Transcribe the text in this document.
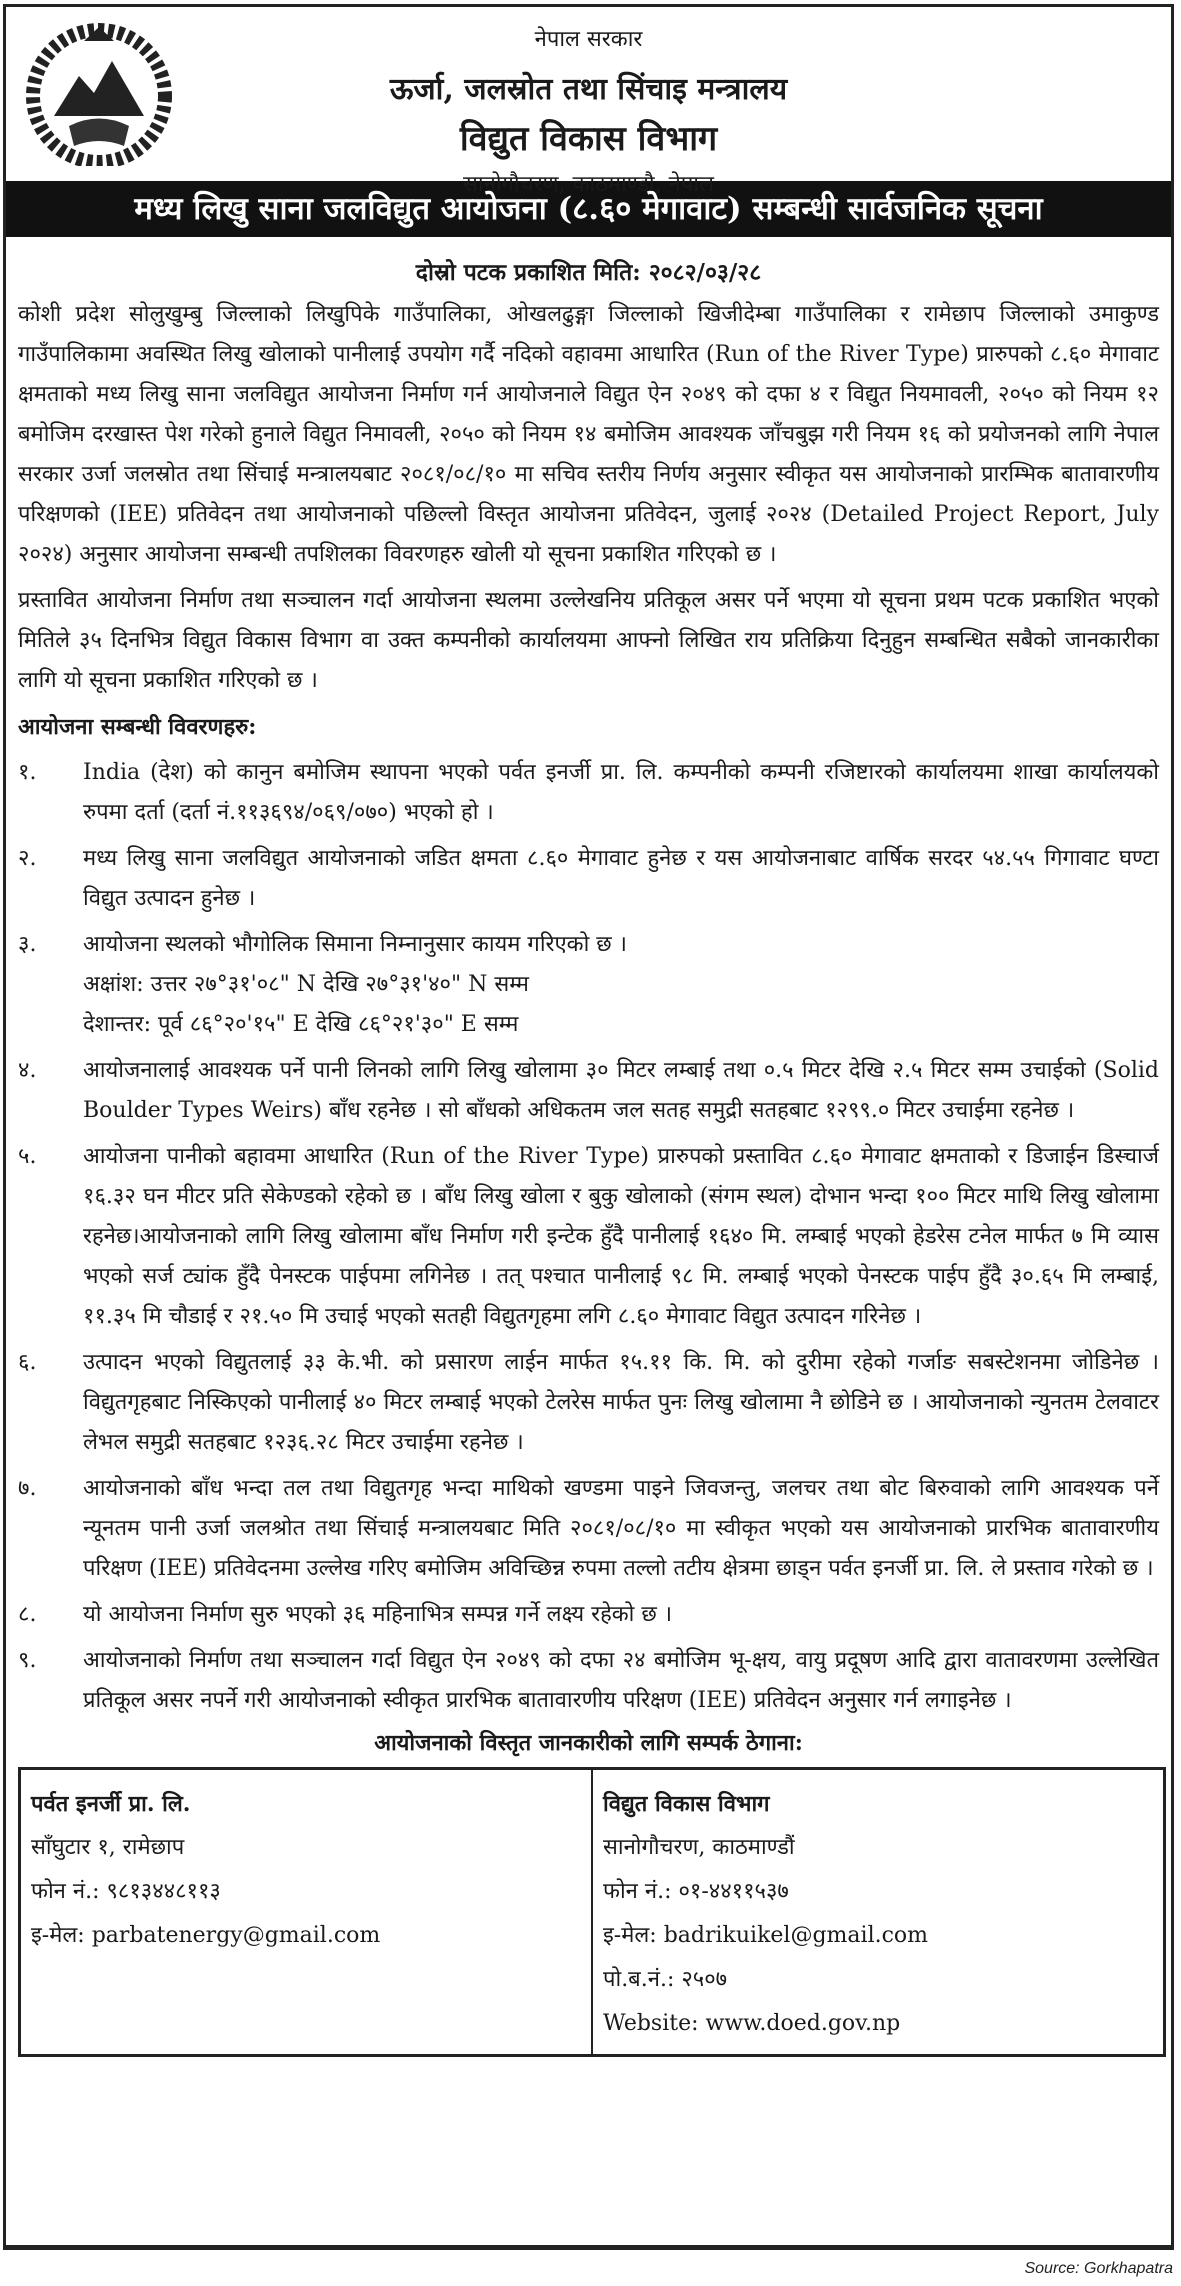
नेपाल सरकार
ऊर्जा, जलस्रोत तथा सिंचाइ मन्त्रालय
विद्युत विकास विभाग
सानोगौचरण, काठमाण्डौ, नेपाल
मध्य लिखु साना जलविद्युत आयोजना (८.६० मेगावाट) सम्बन्धी सार्वजनिक सूचना
दोस्रो पटक प्रकाशित मिति: २०८२/०३/२८

कोशी प्रदेश सोलुखुम्बु जिल्लाको लिखुपिके गाउँपालिका, ओखलढुङ्गा जिल्लाको खिजीदेम्बा गाउँपालिका र रामेछाप जिल्लाको उमाकुण्ड गाउँपालिकामा अवस्थित लिखु खोलाको पानीलाई उपयोग गर्दै नदिको वहावमा आधारित (Run of the River Type) प्रारुपको ८.६० मेगावाट क्षमताको मध्य लिखु साना जलविद्युत आयोजना निर्माण गर्न आयोजनाले विद्युत ऐन २०४९ को दफा ४ र विद्युत नियमावली, २०५० को नियम १२ बमोजिम दरखास्त पेश गरेको हुनाले विद्युत निमावली, २०५० को नियम १४ बमोजिम आवश्यक जाँचबुझ गरी नियम १६ को प्रयोजनको लागि नेपाल सरकार उर्जा जलस्रोत तथा सिंचाई मन्त्रालयबाट २०८१/०८/१० मा सचिव स्तरीय निर्णय अनुसार स्वीकृत यस आयोजनाको प्रारम्भिक बातावारणीय परिक्षणको (IEE) प्रतिवेदन तथा आयोजनाको पछिल्लो विस्तृत आयोजना प्रतिवेदन, जुलाई २०२४ (Detailed Project Report, July २०२४) अनुसार आयोजना सम्बन्धी तपशिलका विवरणहरु खोली यो सूचना प्रकाशित गरिएको छ ।

प्रस्तावित आयोजना निर्माण तथा सञ्चालन गर्दा आयोजना स्थलमा उल्लेखनिय प्रतिकूल असर पर्ने भएमा यो सूचना प्रथम पटक प्रकाशित भएको मितिले ३५ दिनभित्र विद्युत विकास विभाग वा उक्त कम्पनीको कार्यालयमा आफ्नो लिखित राय प्रतिक्रिया दिनुहुन सम्बन्धित सबैको जानकारीका लागि यो सूचना प्रकाशित गरिएको छ ।

आयोजना सम्बन्धी विवरणहरु:
१.	India (देश) को कानुन बमोजिम स्थापना भएको पर्वत इनर्जी प्रा. लि. कम्पनीको कम्पनी रजिष्टारको कार्यालयमा शाखा कार्यालयको रुपमा दर्ता (दर्ता नं.११३६९४/०६९/०७०) भएको हो ।
२.	मध्य लिखु साना जलविद्युत आयोजनाको जडित क्षमता ८.६० मेगावाट हुनेछ र यस आयोजनाबाट वार्षिक सरदर ५४.५५ गिगावाट घण्टा विद्युत उत्पादन हुनेछ ।
३.	आयोजना स्थलको भौगोलिक सिमाना निम्नानुसार कायम गरिएको छ ।
अक्षांश: उत्तर २७°३१'०८" N देखि २७°३१'४०" N सम्म
देशान्तर: पूर्व ८६°२०'१५" E देखि ८६°२१'३०" E सम्म
४.	आयोजनालाई आवश्यक पर्ने पानी लिनको लागि लिखु खोलामा ३० मिटर लम्बाई तथा ०.५ मिटर देखि २.५ मिटर सम्म उचाईको (Solid Boulder Types Weirs) बाँध रहनेछ । सो बाँधको अधिकतम जल सतह समुद्री सतहबाट १२९९.० मिटर उचाईमा रहनेछ ।
५.	आयोजना पानीको बहावमा आधारित (Run of the River Type) प्रारुपको प्रस्तावित ८.६० मेगावाट क्षमताको र डिजाईन डिस्चार्ज १६.३२ घन मीटर प्रति सेकेण्डको रहेको छ । बाँध लिखु खोला र बुकु खोलाको (संगम स्थल) दोभान भन्दा १०० मिटर माथि लिखु खोलामा रहनेछ।आयोजनाको लागि लिखु खोलामा बाँध निर्माण गरी इन्टेक हुँदै पानीलाई १६४० मि. लम्बाई भएको हेडरेस टनेल मार्फत ७ मि व्यास भएको सर्ज ट्यांक हुँदै पेनस्टक पाईपमा लगिनेछ । तत् पश्चात पानीलाई ९८ मि. लम्बाई भएको पेनस्टक पाईप हुँदै ३०.६५ मि लम्बाई, ११.३५ मि चौडाई र २१.५० मि उचाई भएको सतही विद्युतगृहमा लगि ८.६० मेगावाट विद्युत उत्पादन गरिनेछ ।
६.	उत्पादन भएको विद्युतलाई ३३ के.भी. को प्रसारण लाईन मार्फत १५.११ कि. मि. को दुरीमा रहेको गर्जाङ सबस्टेशनमा जोडिनेछ । विद्युतगृहबाट निस्किएको पानीलाई ४० मिटर लम्बाई भएको टेलरेस मार्फत पुनः लिखु खोलामा नै छोडिने छ । आयोजनाको न्युनतम टेलवाटर लेभल समुद्री सतहबाट १२३६.२८ मिटर उचाईमा रहनेछ ।
७.	आयोजनाको बाँध भन्दा तल तथा विद्युतगृह भन्दा माथिको खण्डमा पाइने जिवजन्तु, जलचर तथा बोट बिरुवाको लागि आवश्यक पर्ने न्यूनतम पानी उर्जा जलश्रोत तथा सिंचाई मन्त्रालयबाट मिति २०८१/०८/१० मा स्वीकृत भएको यस आयोजनाको प्रारभिक बातावारणीय परिक्षण (IEE) प्रतिवेदनमा उल्लेख गरिए बमोजिम अविच्छिन्न रुपमा तल्लो तटीय क्षेत्रमा छाड्न पर्वत इनर्जी प्रा. लि. ले प्रस्ताव गरेको छ ।
८.	यो आयोजना निर्माण सुरु भएको ३६ महिनाभित्र सम्पन्न गर्ने लक्ष्य रहेको छ ।
९.	आयोजनाको निर्माण तथा सञ्चालन गर्दा विद्युत ऐन २०४९ को दफा २४ बमोजिम भू-क्षय, वायु प्रदूषण आदि द्वारा वातावरणमा उल्लेखित प्रतिकूल असर नपर्ने गरी आयोजनाको स्वीकृत प्रारभिक बातावारणीय परिक्षण (IEE) प्रतिवेदन अनुसार गर्न लगाइनेछ ।
आयोजनाको विस्तृत जानकारीको लागि सम्पर्क ठेगाना:
पर्वत इनर्जी प्रा. लि.
साँघुटार १, रामेछाप
फोन नं.: ९८१३४४८११३
इ-मेल: parbatenergy@gmail.com

विद्युत विकास विभाग
सानोगौचरण, काठमाण्डौं
फोन नं.: ०१-४४११५३७
इ-मेल: badrikuikel@gmail.com
पो.ब.नं.: २५०७
Website: www.doed.gov.np
Source: Gorkhapatra
